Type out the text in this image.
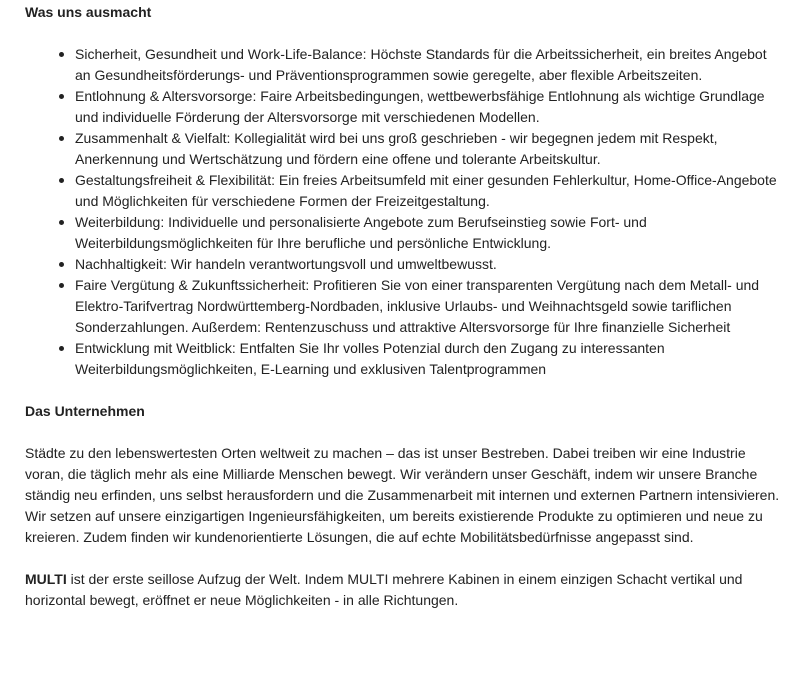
Was uns ausmacht
Sicherheit, Gesundheit und Work-Life-Balance: Höchste Standards für die Arbeitssicherheit, ein breites Angebot an Gesundheitsförderungs- und Präventionsprogrammen sowie geregelte, aber flexible Arbeitszeiten.
Entlohnung & Altersvorsorge: Faire Arbeitsbedingungen, wettbewerbsfähige Entlohnung als wichtige Grundlage und individuelle Förderung der Altersvorsorge mit verschiedenen Modellen.
Zusammenhalt & Vielfalt: Kollegialität wird bei uns groß geschrieben - wir begegnen jedem mit Respekt, Anerkennung und Wertschätzung und fördern eine offene und tolerante Arbeitskultur.
Gestaltungsfreiheit & Flexibilität: Ein freies Arbeitsumfeld mit einer gesunden Fehlerkultur, Home-Office-Angebote und Möglichkeiten für verschiedene Formen der Freizeitgestaltung.
Weiterbildung: Individuelle und personalisierte Angebote zum Berufseinstieg sowie Fort- und Weiterbildungsmöglichkeiten für Ihre berufliche und persönliche Entwicklung.
Nachhaltigkeit: Wir handeln verantwortungsvoll und umweltbewusst.
Faire Vergütung & Zukunftssicherheit: Profitieren Sie von einer transparenten Vergütung nach dem Metall- und Elektro-Tarifvertrag Nordwürttemberg-Nordbaden, inklusive Urlaubs- und Weihnachtsgeld sowie tariflichen Sonderzahlungen. Außerdem: Rentenzuschuss und attraktive Altersvorsorge für Ihre finanzielle Sicherheit
Entwicklung mit Weitblick: Entfalten Sie Ihr volles Potenzial durch den Zugang zu interessanten Weiterbildungsmöglichkeiten, E-Learning und exklusiven Talentprogrammen
Das Unternehmen

Städte zu den lebenswertesten Orten weltweit zu machen – das ist unser Bestreben. Dabei treiben wir eine Industrie voran, die täglich mehr als eine Milliarde Menschen bewegt. Wir verändern unser Geschäft, indem wir unsere Branche ständig neu erfinden, uns selbst herausfordern und die Zusammenarbeit mit internen und externen Partnern intensivieren. Wir setzen auf unsere einzigartigen Ingenieursfähigkeiten, um bereits existierende Produkte zu optimieren und neue zu kreieren. Zudem finden wir kundenorientierte Lösungen, die auf echte Mobilitätsbedürfnisse angepasst sind.

MULTI ist der erste seillose Aufzug der Welt. Indem MULTI mehrere Kabinen in einem einzigen Schacht vertikal und horizontal bewegt, eröffnet er neue Möglichkeiten - in alle Richtungen.
